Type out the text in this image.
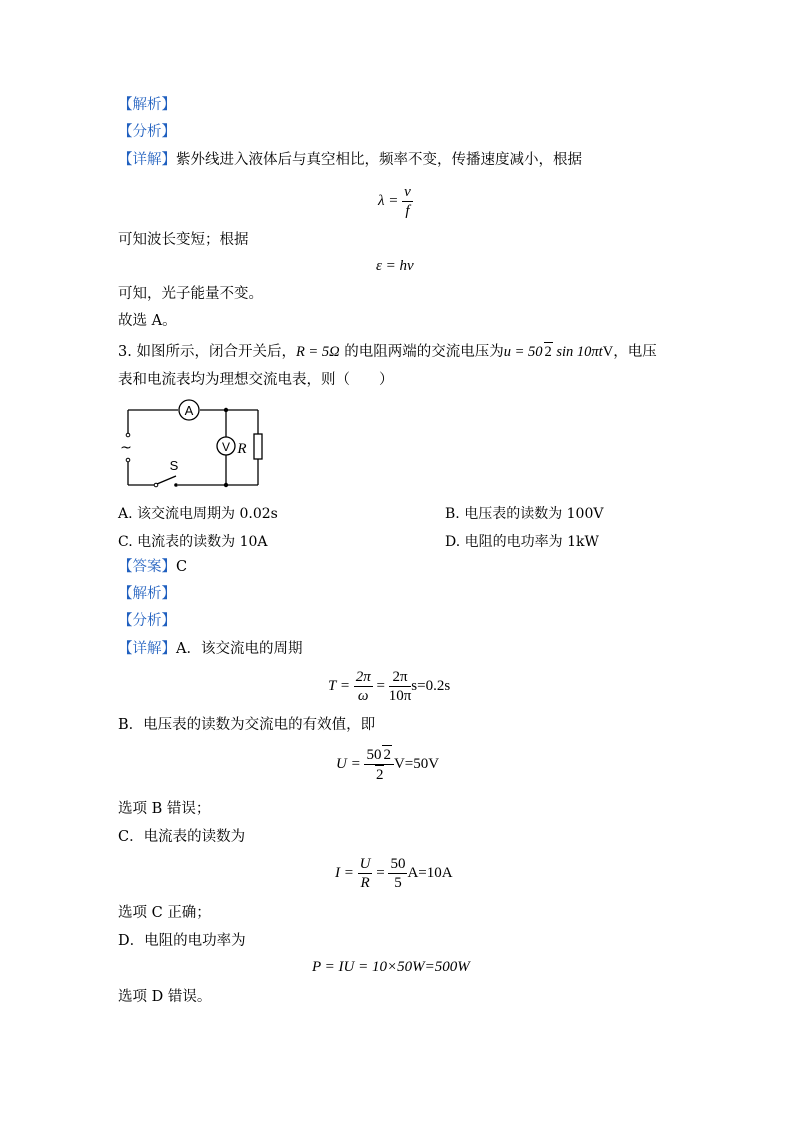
【解析】
【分析】
【详解】紫外线进入液体后与真空相比，频率不变，传播速度减小，根据
$\lambda = \frac{v}{f}$
可知波长变短；根据
ε = hν
可知，光子能量不变。
故选 A。
3. 如图所示，闭合开关后，R = 5Ω 的电阻两端的交流电压为u = 50 2 sin 10πtV，电压
表和电流表均为理想交流电表，则（　　）
A
V R
~
S
A. 该交流电周期为 0.02s	B. 电压表的读数为 100V
C. 电流表的读数为 10A	D. 电阻的电功率为 1kW
【答案】C
【解析】
【分析】
【详解】A．该交流电的周期
$T = \frac{2\pi}{\omega} = \frac{2\pi}{10\pi} s=0.2s$
B．电压表的读数为交流电的有效值，即
$U = \frac{50 2}{2} V=50V$
选项 B 错误；
C．电流表的读数为
$I = \frac{U}{R} = \frac{50}{5} A=10A$
选项 C 正确；
D．电阻的电功率为
P = IU = 10×50W=500W
选项 D 错误。
